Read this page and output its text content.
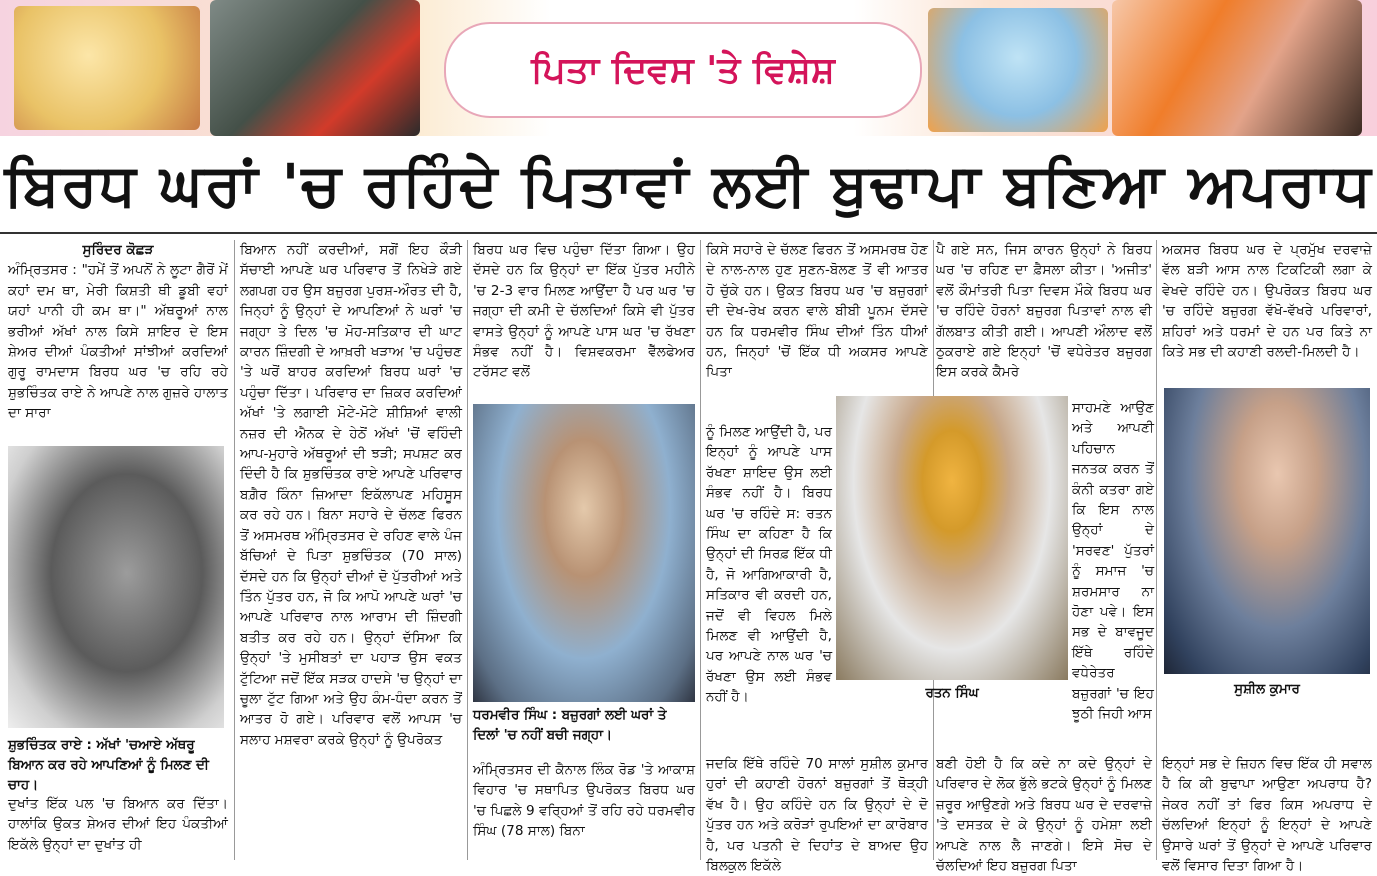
ਪਿਤਾ ਦਿਵਸ 'ਤੇ ਵਿਸ਼ੇਸ਼
ਬਿਰਧ ਘਰਾਂ 'ਚ ਰਹਿੰਦੇ ਪਿਤਾਵਾਂ ਲਈ ਬੁਢਾਪਾ ਬਣਿਆ ਅਪਰਾਧ

ਸੁਰਿੰਦਰ ਕੋਛੜ

ਅੰਮ੍ਰਿਤਸਰ : "ਹਮੇਂ ਤੋਂ ਅਪਨੋਂ ਨੇ ਲੂਟਾ ਗੈਰੋਂ ਮੇਂ ਕਹਾਂ ਦਮ ਥਾ, ਮੇਰੀ ਕਿਸ਼ਤੀ ਥੀ ਡੂਬੀ ਵਹਾਂ ਯਹਾਂ ਪਾਨੀ ਹੀ ਕਮ ਥਾ।" ਅੱਥਰੂਆਂ ਨਾਲ ਭਰੀਆਂ ਅੱਖਾਂ ਨਾਲ ਕਿਸੇ ਸ਼ਾਇਰ ਦੇ ਇਸ ਸ਼ੇਅਰ ਦੀਆਂ ਪੰਕਤੀਆਂ ਸਾਂਝੀਆਂ ਕਰਦਿਆਂ ਗੁਰੂ ਰਾਮਦਾਸ ਬਿਰਧ ਘਰ 'ਚ ਰਹਿ ਰਹੇ ਸ਼ੁਭਚਿੰਤਕ ਰਾਏ ਨੇ ਆਪਣੇ ਨਾਲ ਗੁਜ਼ਰੇ ਹਾਲਾਤ ਦਾ ਸਾਰਾ

ਸ਼ੁਭਚਿੰਤਕ ਰਾਏ : ਅੱਖਾਂ 'ਚਆਏ ਅੱਥਰੂ ਬਿਆਨ ਕਰ ਰਹੇ ਆਪਣਿਆਂ ਨੂੰ ਮਿਲਣ ਦੀ ਚਾਹ।

ਦੁਖਾਂਤ ਇੱਕ ਪਲ 'ਚ ਬਿਆਨ ਕਰ ਦਿੱਤਾ। ਹਾਲਾਂਕਿ ਉਕਤ ਸ਼ੇਅਰ ਦੀਆਂ ਇਹ ਪੰਕਤੀਆਂ ਇਕੱਲੇ ਉਨ੍ਹਾਂ ਦਾ ਦੁਖਾਂਤ ਹੀ

ਬਿਆਨ ਨਹੀਂ ਕਰਦੀਆਂ, ਸਗੋਂ ਇਹ ਕੌੜੀ ਸੱਚਾਈ ਆਪਣੇ ਘਰ ਪਰਿਵਾਰ ਤੋਂ ਨਿਖੇੜੇ ਗਏ ਲਗਪਗ ਹਰ ਉਸ ਬਜ਼ੁਰਗ ਪੁਰਸ਼-ਔਰਤ ਦੀ ਹੈ, ਜਿਨ੍ਹਾਂ ਨੂੰ ਉਨ੍ਹਾਂ ਦੇ ਆਪਣਿਆਂ ਨੇ ਘਰਾਂ 'ਚ ਜਗ੍ਹਾ ਤੇ ਦਿਲ 'ਚ ਮੋਹ-ਸਤਿਕਾਰ ਦੀ ਘਾਟ ਕਾਰਨ ਜ਼ਿੰਦਗੀ ਦੇ ਆਖ਼ਰੀ ਖੜਾਅ 'ਚ ਪਹੁੰਚਣ 'ਤੇ ਘਰੋਂ ਬਾਹਰ ਕਰਦਿਆਂ ਬਿਰਧ ਘਰਾਂ 'ਚ ਪਹੁੰਚਾ ਦਿੱਤਾ। ਪਰਿਵਾਰ ਦਾ ਜ਼ਿਕਰ ਕਰਦਿਆਂ ਅੱਖਾਂ 'ਤੇ ਲਗਾਈ ਮੋਟੇ-ਮੋਟੇ ਸ਼ੀਸ਼ਿਆਂ ਵਾਲੀ ਨਜ਼ਰ ਦੀ ਐਨਕ ਦੇ ਹੇਠੋਂ ਅੱਖਾਂ 'ਚੋਂ ਵਹਿੰਦੀ ਆਪ-ਮੁਹਾਰੇ ਅੱਥਰੂਆਂ ਦੀ ਝੜੀ; ਸਪਸ਼ਟ ਕਰ ਦਿੰਦੀ ਹੈ ਕਿ ਸ਼ੁਭਚਿੰਤਕ ਰਾਏ ਆਪਣੇ ਪਰਿਵਾਰ ਬਗ਼ੈਰ ਕਿੰਨਾ ਜ਼ਿਆਦਾ ਇਕੱਲਾਪਣ ਮਹਿਸੂਸ ਕਰ ਰਹੇ ਹਨ। ਬਿਨਾ ਸਹਾਰੇ ਦੇ ਚੱਲਣ ਫਿਰਨ ਤੋਂ ਅਸਮਰਥ ਅੰਮ੍ਰਿਤਸਰ ਦੇ ਰਹਿਣ ਵਾਲੇ ਪੰਜ ਬੱਚਿਆਂ ਦੇ ਪਿਤਾ ਸ਼ੁਭਚਿੰਤਕ (70 ਸਾਲ) ਦੱਸਦੇ ਹਨ ਕਿ ਉਨ੍ਹਾਂ ਦੀਆਂ ਦੋ ਪੁੱਤਰੀਆਂ ਅਤੇ ਤਿੰਨ ਪੁੱਤਰ ਹਨ, ਜੋ ਕਿ ਆਪੋ ਆਪਣੇ ਘਰਾਂ 'ਚ ਆਪਣੇ ਪਰਿਵਾਰ ਨਾਲ ਆਰਾਮ ਦੀ ਜ਼ਿੰਦਗੀ ਬਤੀਤ ਕਰ ਰਹੇ ਹਨ। ਉਨ੍ਹਾਂ ਦੱਸਿਆ ਕਿ ਉਨ੍ਹਾਂ 'ਤੇ ਮੁਸੀਬਤਾਂ ਦਾ ਪਹਾੜ ਉਸ ਵਕਤ ਟੁੱਟਿਆ ਜਦੋਂ ਇੱਕ ਸੜਕ ਹਾਦਸੇ 'ਚ ਉਨ੍ਹਾਂ ਦਾ ਚੂਲਾ ਟੁੱਟ ਗਿਆ ਅਤੇ ਉਹ ਕੰਮ-ਧੰਦਾ ਕਰਨ ਤੋਂ ਆਤਰ ਹੋ ਗਏ। ਪਰਿਵਾਰ ਵਲੋਂ ਆਪਸ 'ਚ ਸਲਾਹ ਮਸ਼ਵਰਾ ਕਰਕੇ ਉਨ੍ਹਾਂ ਨੂੰ ਉਪਰੋਕਤ

ਬਿਰਧ ਘਰ ਵਿਚ ਪਹੁੰਚਾ ਦਿੱਤਾ ਗਿਆ। ਉਹ ਦੱਸਦੇ ਹਨ ਕਿ ਉਨ੍ਹਾਂ ਦਾ ਇੱਕ ਪੁੱਤਰ ਮਹੀਨੇ 'ਚ 2-3 ਵਾਰ ਮਿਲਣ ਆਉਂਦਾ ਹੈ ਪਰ ਘਰ 'ਚ ਜਗ੍ਹਾ ਦੀ ਕਮੀ ਦੇ ਚੱਲਦਿਆਂ ਕਿਸੇ ਵੀ ਪੁੱਤਰ ਵਾਸਤੇ ਉਨ੍ਹਾਂ ਨੂੰ ਆਪਣੇ ਪਾਸ ਘਰ 'ਚ ਰੱਖਣਾ ਸੰਭਵ ਨਹੀਂ ਹੈ। ਵਿਸ਼ਵਕਰਮਾ ਵੈੱਲਫੇਅਰ ਟਰੱਸਟ ਵਲੋਂ

ਧਰਮਵੀਰ ਸਿੰਘ : ਬਜ਼ੁਰਗਾਂ ਲਈ ਘਰਾਂ ਤੇ ਦਿਲਾਂ 'ਚ ਨਹੀਂ ਬਚੀ ਜਗ੍ਹਾ।

ਅੰਮ੍ਰਿਤਸਰ ਦੀ ਕੈਨਾਲ ਲਿੰਕ ਰੋਡ 'ਤੇ ਆਕਾਸ਼ ਵਿਹਾਰ 'ਚ ਸਥਾਪਿਤ ਉਪਰੋਕਤ ਬਿਰਧ ਘਰ 'ਚ ਪਿਛਲੇ 9 ਵਰ੍ਹਿਆਂ ਤੋਂ ਰਹਿ ਰਹੇ ਧਰਮਵੀਰ ਸਿੰਘ (78 ਸਾਲ) ਬਿਨਾ

ਕਿਸੇ ਸਹਾਰੇ ਦੇ ਚੱਲਣ ਫਿਰਨ ਤੋਂ ਅਸਮਰਥ ਹੋਣ ਦੇ ਨਾਲ-ਨਾਲ ਹੁਣ ਸੁਣਨ-ਬੋਲਣ ਤੋਂ ਵੀ ਆਤਰ ਹੋ ਚੁੱਕੇ ਹਨ। ਉਕਤ ਬਿਰਧ ਘਰ 'ਚ ਬਜ਼ੁਰਗਾਂ ਦੀ ਦੇਖ-ਰੇਖ ਕਰਨ ਵਾਲੇ ਬੀਬੀ ਪੂਨਮ ਦੱਸਦੇ ਹਨ ਕਿ ਧਰਮਵੀਰ ਸਿੰਘ ਦੀਆਂ ਤਿੰਨ ਧੀਆਂ ਹਨ, ਜਿਨ੍ਹਾਂ 'ਚੋਂ ਇੱਕ ਧੀ ਅਕਸਰ ਆਪਣੇ ਪਿਤਾ

ਨੂੰ ਮਿਲਣ ਆਉਂਦੀ ਹੈ, ਪਰ ਇਨ੍ਹਾਂ ਨੂੰ ਆਪਣੇ ਪਾਸ ਰੱਖਣਾ ਸ਼ਾਇਦ ਉਸ ਲਈ ਸੰਭਵ ਨਹੀਂ ਹੈ। ਬਿਰਧ ਘਰ 'ਚ ਰਹਿੰਦੇ ਸ: ਰਤਨ ਸਿੰਘ ਦਾ ਕਹਿਣਾ ਹੈ ਕਿ ਉਨ੍ਹਾਂ ਦੀ ਸਿਰਫ਼ ਇੱਕ ਧੀ ਹੈ, ਜੋ ਆਗਿਆਕਾਰੀ ਹੈ, ਸਤਿਕਾਰ ਵੀ ਕਰਦੀ ਹਨ, ਜਦੋਂ ਵੀ ਵਿਹਲ ਮਿਲੇ ਮਿਲਣ ਵੀ ਆਉਂਦੀ ਹੈ, ਪਰ ਆਪਣੇ ਨਾਲ ਘਰ 'ਚ ਰੱਖਣਾ ਉਸ ਲਈ ਸੰਭਵ ਨਹੀਂ ਹੈ।	ਰਤਨ ਸਿੰਘ

ਜਦਕਿ ਇੱਥੇ ਰਹਿੰਦੇ 70 ਸਾਲਾਂ ਸੁਸ਼ੀਲ ਕੁਮਾਰ ਹੁਰਾਂ ਦੀ ਕਹਾਣੀ ਹੋਰਨਾਂ ਬਜ਼ੁਰਗਾਂ ਤੋਂ ਥੋੜ੍ਹੀ ਵੱਖ ਹੈ। ਉਹ ਕਹਿੰਦੇ ਹਨ ਕਿ ਉਨ੍ਹਾਂ ਦੇ ਦੋ ਪੁੱਤਰ ਹਨ ਅਤੇ ਕਰੋੜਾਂ ਰੁਪਇਆਂ ਦਾ ਕਾਰੋਬਾਰ ਹੈ, ਪਰ ਪਤਨੀ ਦੇ ਦਿਹਾਂਤ ਦੇ ਬਾਅਦ ਉਹ ਬਿਲਕੁਲ ਇਕੱਲੇ

ਪੈ ਗਏ ਸਨ, ਜਿਸ ਕਾਰਨ ਉਨ੍ਹਾਂ ਨੇ ਬਿਰਧ ਘਰ 'ਚ ਰਹਿਣ ਦਾ ਫ਼ੈਸਲਾ ਕੀਤਾ। 'ਅਜੀਤ' ਵਲੋਂ ਕੌਮਾਂਤਰੀ ਪਿਤਾ ਦਿਵਸ ਮੌਕੇ ਬਿਰਧ ਘਰ 'ਚ ਰਹਿੰਦੇ ਹੋਰਨਾਂ ਬਜ਼ੁਰਗ ਪਿਤਾਵਾਂ ਨਾਲ ਵੀ ਗੱਲਬਾਤ ਕੀਤੀ ਗਈ। ਆਪਣੀ ਔਲਾਦ ਵਲੋਂ ਠੁਕਰਾਏ ਗਏ ਇਨ੍ਹਾਂ 'ਚੋਂ ਵਧੇਰੇਤਰ ਬਜ਼ੁਰਗ ਇਸ ਕਰਕੇ ਕੈਮਰੇ

ਸਾਹਮਣੇ ਆਉਣ ਅਤੇ ਆਪਣੀ ਪਹਿਚਾਨ ਜਨਤਕ ਕਰਨ ਤੋਂ ਕੰਨੀ ਕਤਰਾ ਗਏ ਕਿ ਇਸ ਨਾਲ ਉਨ੍ਹਾਂ ਦੇ 'ਸਰਵਣ' ਪੁੱਤਰਾਂ ਨੂੰ ਸਮਾਜ 'ਚ ਸ਼ਰਮਸਾਰ ਨਾ ਹੋਣਾ ਪਵੇ। ਇਸ ਸਭ ਦੇ ਬਾਵਜੂਦ ਇੱਥੇ ਰਹਿੰਦੇ ਵਧੇਰੇਤਰ ਬਜ਼ੁਰਗਾਂ 'ਚ ਇਹ ਝੂਠੀ ਜਿਹੀ ਆਸ

ਬਣੀ ਹੋਈ ਹੈ ਕਿ ਕਦੇ ਨਾ ਕਦੇ ਉਨ੍ਹਾਂ ਦੇ ਪਰਿਵਾਰ ਦੇ ਲੋਕ ਭੁੱਲੇ ਭਟਕੇ ਉਨ੍ਹਾਂ ਨੂੰ ਮਿਲਣ ਜ਼ਰੂਰ ਆਉਣਗੇ ਅਤੇ ਬਿਰਧ ਘਰ ਦੇ ਦਰਵਾਜ਼ੇ 'ਤੇ ਦਸਤਕ ਦੇ ਕੇ ਉਨ੍ਹਾਂ ਨੂੰ ਹਮੇਸ਼ਾ ਲਈ ਆਪਣੇ ਨਾਲ ਲੈ ਜਾਣਗੇ। ਇਸੇ ਸੋਚ ਦੇ ਚੱਲਦਿਆਂ ਇਹ ਬਜ਼ੁਰਗ ਪਿਤਾ

ਅਕਸਰ ਬਿਰਧ ਘਰ ਦੇ ਪ੍ਰਮੁੱਖ ਦਰਵਾਜ਼ੇ ਵੱਲ ਬੜੀ ਆਸ ਨਾਲ ਟਿਕਟਿਕੀ ਲਗਾ ਕੇ ਵੇਖਦੇ ਰਹਿੰਦੇ ਹਨ। ਉਪਰੋਕਤ ਬਿਰਧ ਘਰ 'ਚ ਰਹਿੰਦੇ ਬਜ਼ੁਰਗ ਵੱਖੋ-ਵੱਖਰੇ ਪਰਿਵਾਰਾਂ, ਸ਼ਹਿਰਾਂ ਅਤੇ ਧਰਮਾਂ ਦੇ ਹਨ ਪਰ ਕਿਤੇ ਨਾ ਕਿਤੇ ਸਭ ਦੀ ਕਹਾਣੀ ਰਲਦੀ-ਮਿਲਦੀ ਹੈ।

ਸੁਸ਼ੀਲ ਕੁਮਾਰ

ਇਨ੍ਹਾਂ ਸਭ ਦੇ ਜ਼ਿਹਨ ਵਿਚ ਇੱਕ ਹੀ ਸਵਾਲ ਹੈ ਕਿ ਕੀ ਬੁਢਾਪਾ ਆਉਣਾ ਅਪਰਾਧ ਹੈ? ਜੇਕਰ ਨਹੀਂ ਤਾਂ ਫਿਰ ਕਿਸ ਅਪਰਾਧ ਦੇ ਚੱਲਦਿਆਂ ਇਨ੍ਹਾਂ ਨੂੰ ਇਨ੍ਹਾਂ ਦੇ ਆਪਣੇ ਉਸਾਰੇ ਘਰਾਂ ਤੋਂ ਉਨ੍ਹਾਂ ਦੇ ਆਪਣੇ ਪਰਿਵਾਰ ਵਲੋਂ ਵਿਸਾਰ ਦਿਤਾ ਗਿਆ ਹੈ।
